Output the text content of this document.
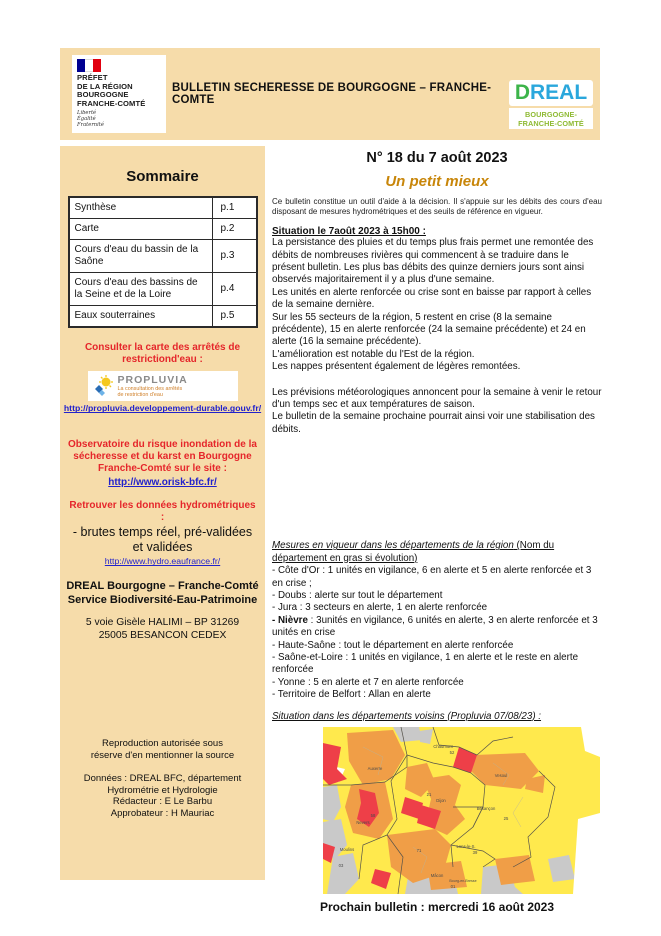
PRÉFET
DE LA RÉGION
BOURGOGNE
FRANCHE-COMTÉ
Liberté
Égalité
Fraternité
BULLETIN SECHERESSE DE BOURGOGNE – FRANCHE-COMTE	DREAL
BOURGOGNE-FRANCHE-COMTÉ
Sommaire
Synthèse	p.1
Carte	p.2
Cours d'eau du bassin de la Saône	p.3
Cours d'eau des bassins de la Seine et de la Loire	p.4
Eaux souterraines	p.5
Consulter la carte des arrêtés de restrictiond'eau :
PROPLUVIA
La consultation des arrêtés
de restriction d'eau
http://propluvia.developpement-durable.gouv.fr/
Observatoire du risque inondation de la sécheresse et du karst en Bourgogne Franche-Comté sur le site :
http://www.orisk-bfc.fr/
Retrouver les données hydrométriques :
- brutes temps réel, pré-validées et validées
http://www.hydro.eaufrance.fr/
DREAL Bourgogne – Franche-Comté
Service Biodiversité-Eau-Patrimoine
5 voie Gisèle HALIMI – BP 31269
25005 BESANCON CEDEX
Reproduction autorisée sous réserve d'en mentionner la source
Données : DREAL BFC, département Hydrométrie et Hydrologie
Rédacteur : E Le Barbu
Approbateur : H Mauriac
N° 18 du 7 août 2023
Un petit mieux
Ce bulletin constitue un outil d'aide à la décision. Il s'appuie sur les débits des cours d'eau disposant de mesures hydrométriques et des seuils de référence en vigueur.
Situation le 7août 2023 à 15h00 :

La persistance des pluies et du temps plus frais permet une remontée des débits de nombreuses rivières qui commencent à se traduire dans le présent bulletin. Les plus bas débits des quinze derniers jours sont ainsi observés majoritairement il y a plus d'une semaine.

Les unités en alerte renforcée ou crise sont en baisse par rapport à celles de la semaine dernière.

Sur les 55 secteurs de la région, 5 restent en crise (8 la semaine précédente), 15 en alerte renforcée (24 la semaine précédente) et 24 en alerte (16 la semaine précédente).

L'amélioration est notable du l'Est de la région.

Les nappes présentent également de légères remontées.

Les prévisions météorologiques annoncent pour la semaine à venir le retour d'un temps sec et aux températures de saison.

Le bulletin de la semaine prochaine pourrait ainsi voir une stabilisation des débits.

Mesures en vigueur dans les départements de la région (Nom du département en gras si évolution)
- Côte d'Or : 1 unités en vigilance, 6 en alerte et 5 en alerte renforcée et 3 en crise ;
- Doubs : alerte sur tout le département
- Jura : 3 secteurs en alerte, 1 en alerte renforcée
- Nièvre : 3unités en vigilance, 6 unités en alerte, 3 en alerte renforcée et 3 unités en crise
- Haute-Saône : tout le département en alerte renforcée
- Saône-et-Loire : 1 unités en vigilance, 1 en alerte et le reste en alerte renforcée
- Yonne : 5 en alerte et 7 en alerte renforcée
- Territoire de Belfort : Allan en alerte
Situation dans les départements voisins (Propluvia 07/08/23) :
Chaumont
Auxerre
Vesoul
Dijon
Besançon
Nevers
Moulins
Mâcon
Bourg-en-Bresse
Lons-le-S.
52
21
58
71
25
39
03
01
Prochain bulletin : mercredi 16 août 2023
